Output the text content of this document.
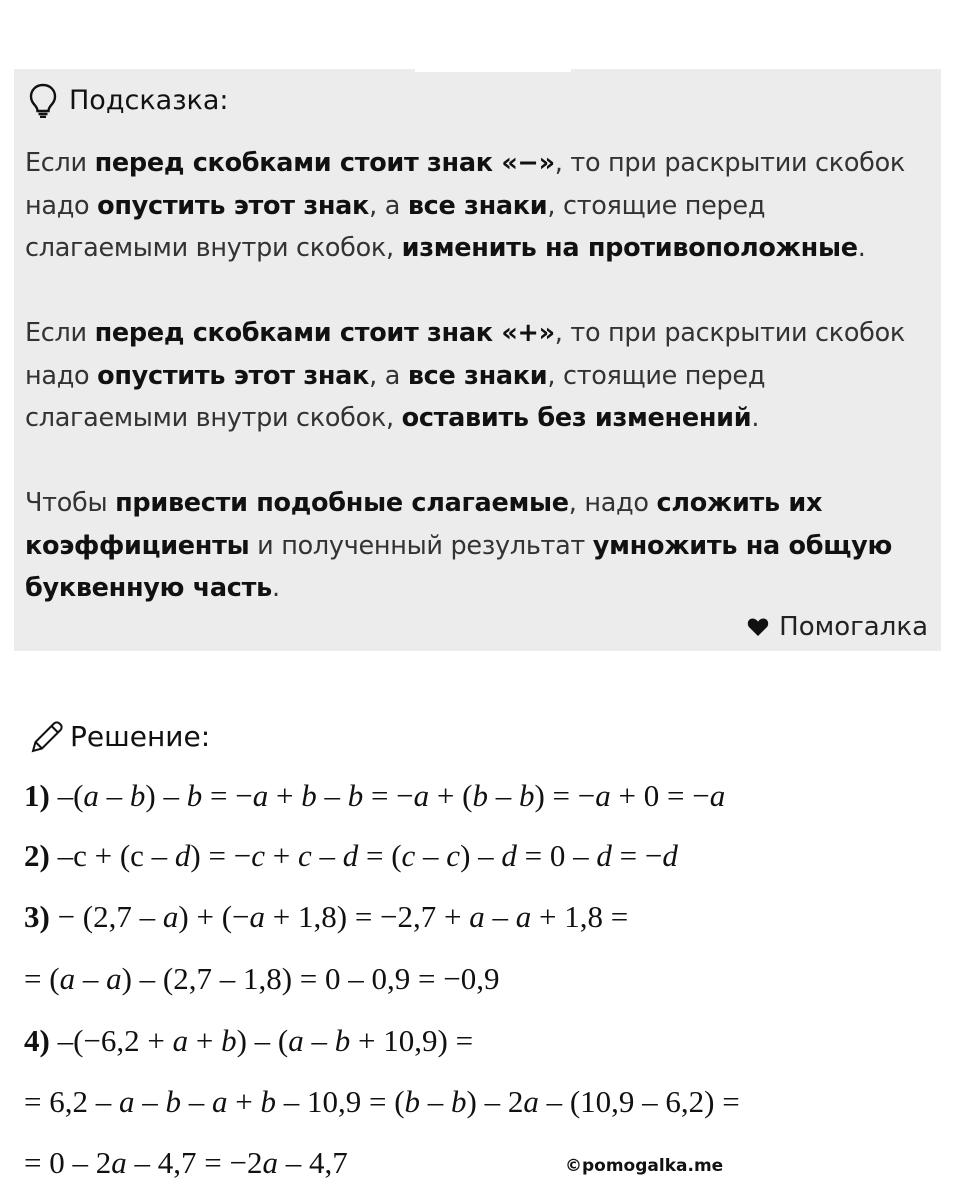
Подсказка:
Если перед скобками стоит знак «−», то при раскрытии скобок надо опустить этот знак, а все знаки, стоящие перед слагаемыми внутри скобок, изменить на противоположные.
Если перед скобками стоит знак «+», то при раскрытии скобок надо опустить этот знак, а все знаки, стоящие перед слагаемыми внутри скобок, оставить без изменений.
Чтобы привести подобные слагаемые, надо сложить их коэффициенты и полученный результат умножить на общую буквенную часть.
Помогалка
Решение:
1) –(a – b) – b = −a + b – b = −a + (b – b) = −a + 0 = −a
2) –c + (c – d) = −c + c – d = (c – c) – d = 0 – d = −d
3) − (2,7 – a) + (−a + 1,8) = −2,7 + a – a + 1,8 =
= (a – a) – (2,7 – 1,8) = 0 – 0,9 = −0,9
4) –(−6,2 + a + b) – (a – b + 10,9) =
= 6,2 – a – b – a + b – 10,9 = (b – b) – 2a – (10,9 – 6,2) =
= 0 – 2a – 4,7 = −2a – 4,7	©pomogalka.me
